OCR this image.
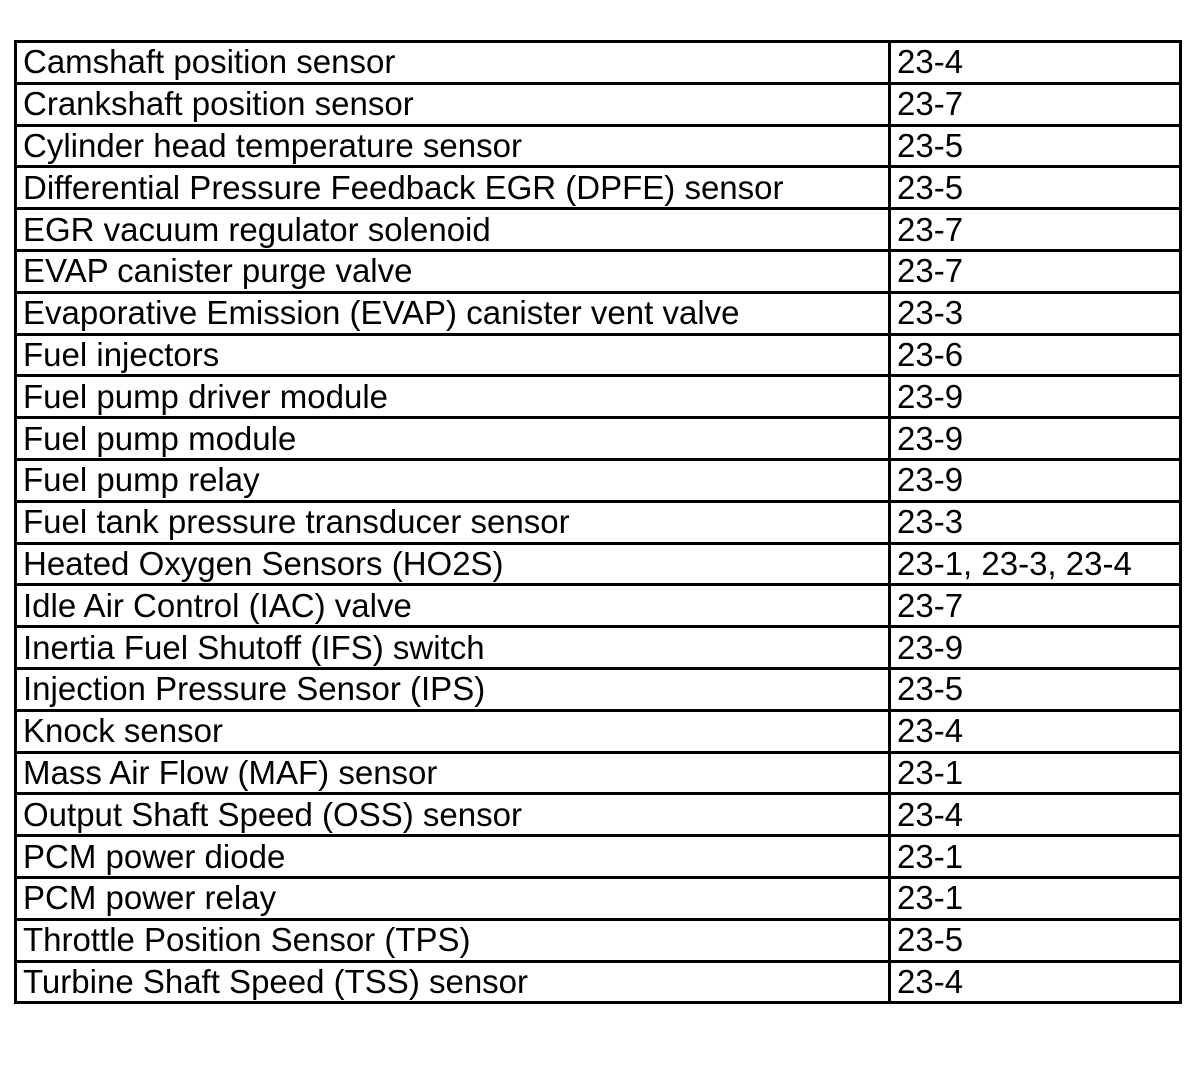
Camshaft position sensor	23-4
Crankshaft position sensor	23-7
Cylinder head temperature sensor	23-5
Differential Pressure Feedback EGR (DPFE) sensor	23-5
EGR vacuum regulator solenoid	23-7
EVAP canister purge valve	23-7
Evaporative Emission (EVAP) canister vent valve	23-3
Fuel injectors	23-6
Fuel pump driver module	23-9
Fuel pump module	23-9
Fuel pump relay	23-9
Fuel tank pressure transducer sensor	23-3
Heated Oxygen Sensors (HO2S)	23-1, 23-3, 23-4
Idle Air Control (IAC) valve	23-7
Inertia Fuel Shutoff (IFS) switch	23-9
Injection Pressure Sensor (IPS)	23-5
Knock sensor	23-4
Mass Air Flow (MAF) sensor	23-1
Output Shaft Speed (OSS) sensor	23-4
PCM power diode	23-1
PCM power relay	23-1
Throttle Position Sensor (TPS)	23-5
Turbine Shaft Speed (TSS) sensor	23-4
